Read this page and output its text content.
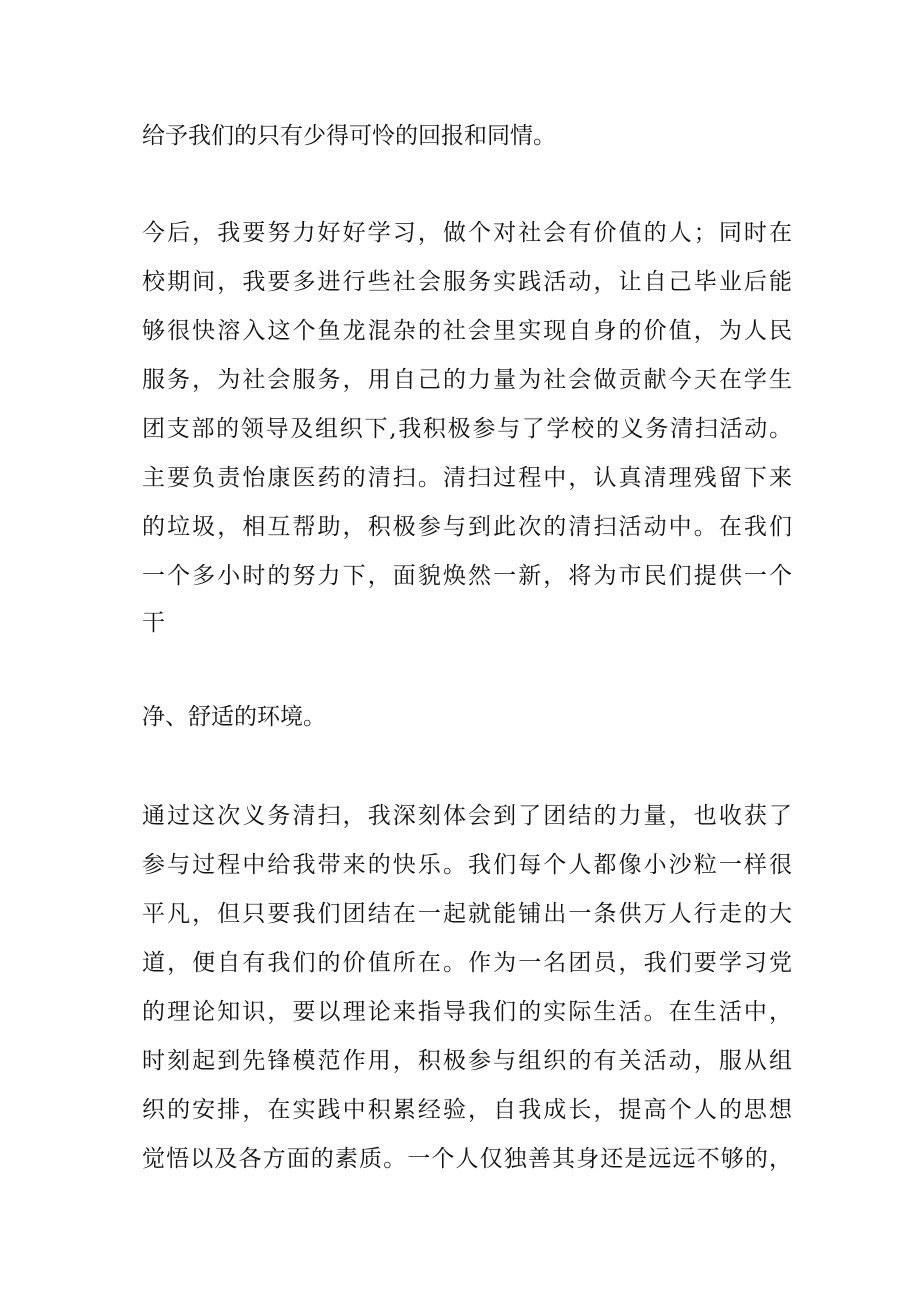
给予我们的只有少得可怜的回报和同情。
今后，我要努力好好学习，做个对社会有价值的人；同时在
校期间，我要多进行些社会服务实践活动，让自己毕业后能
够很快溶入这个鱼龙混杂的社会里实现自身的价值，为人民
服务，为社会服务，用自己的力量为社会做贡献今天在学生
团支部的领导及组织下,我积极参与了学校的义务清扫活动。
主要负责怡康医药的清扫。清扫过程中，认真清理残留下来
的垃圾，相互帮助，积极参与到此次的清扫活动中。在我们
一个多小时的努力下，面貌焕然一新，将为市民们提供一个
干
净、舒适的环境。
通过这次义务清扫，我深刻体会到了团结的力量，也收获了
参与过程中给我带来的快乐。我们每个人都像小沙粒一样很
平凡，但只要我们团结在一起就能铺出一条供万人行走的大
道，便自有我们的价值所在。作为一名团员，我们要学习党
的理论知识，要以理论来指导我们的实际生活。在生活中，
时刻起到先锋模范作用，积极参与组织的有关活动，服从组
织的安排，在实践中积累经验，自我成长，提高个人的思想
觉悟以及各方面的素质。一个人仅独善其身还是远远不够的，
